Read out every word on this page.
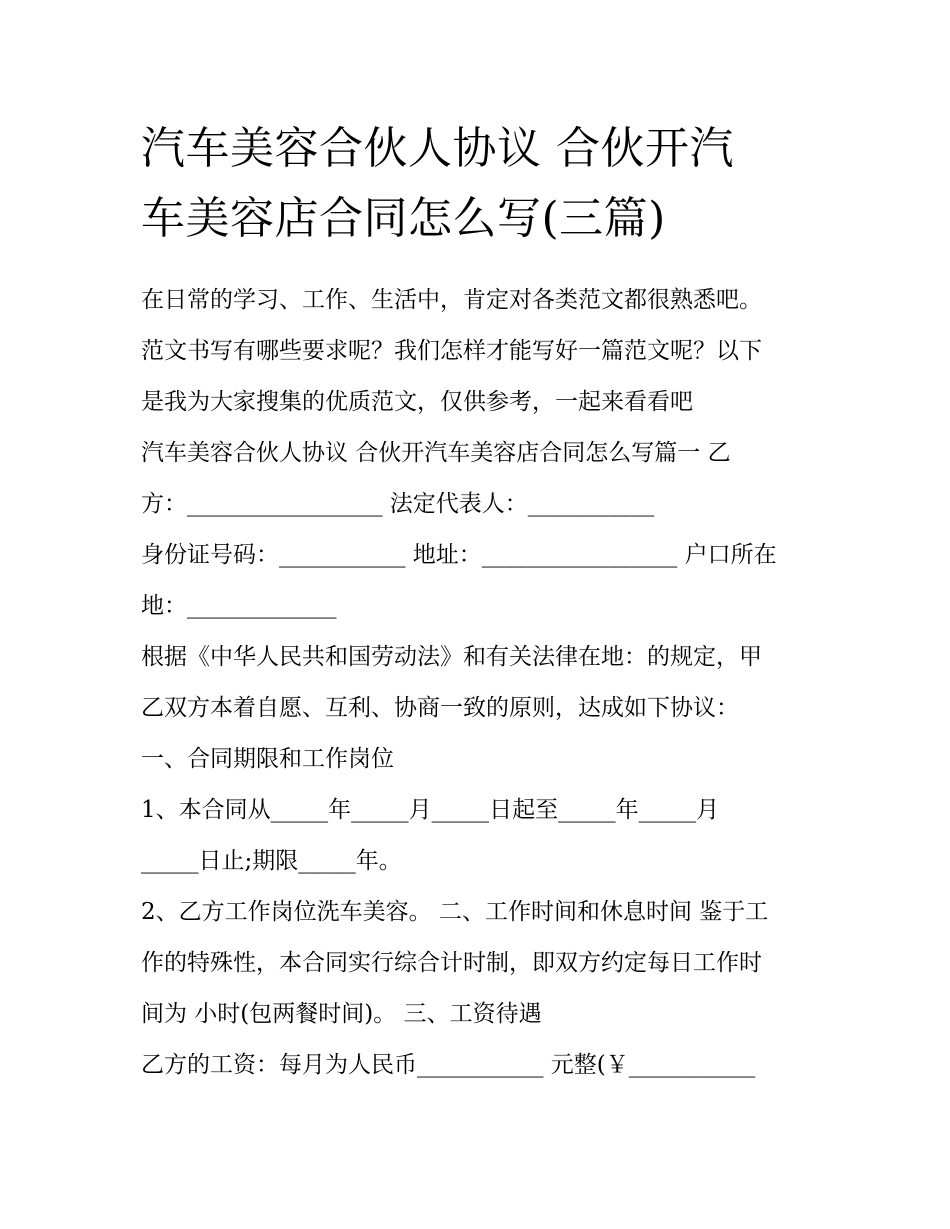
汽车美容合伙人协议 合伙开汽
车美容店合同怎么写(三篇)

在日常的学习、工作、生活中，肯定对各类范文都很熟悉吧。

范文书写有哪些要求呢？我们怎样才能写好一篇范文呢？以下

是我为大家搜集的优质范文，仅供参考，一起来看看吧

汽车美容合伙人协议 合伙开汽车美容店合同怎么写篇一 乙

方：_________________ 法定代表人：___________

身份证号码：___________ 地址：_________________ 户口所在

地：_____________

根据《中华人民共和国劳动法》和有关法律在地：的规定，甲

乙双方本着自愿、互利、协商一致的原则，达成如下协议：

一、合同期限和工作岗位

1、本合同从_____年_____月_____日起至_____年_____月

_____日止;期限_____年。

2、乙方工作岗位洗车美容。 二、工作时间和休息时间 鉴于工

作的特殊性，本合同实行综合计时制，即双方约定每日工作时

间为 小时(包两餐时间)。 三、工资待遇

乙方的工资：每月为人民币___________ 元整(￥___________
